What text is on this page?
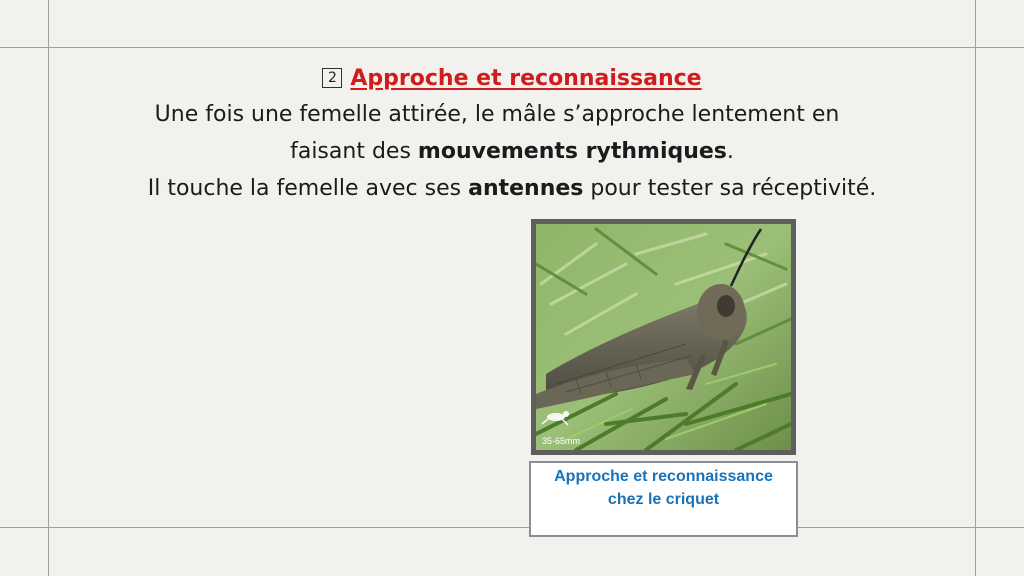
2 Approche et reconnaissance
Une fois une femelle attirée, le mâle s’approche lentement en
faisant des mouvements rythmiques.
Il touche la femelle avec ses antennes pour tester sa réceptivité.
35-65mm
Approche et reconnaissance chez le criquet
